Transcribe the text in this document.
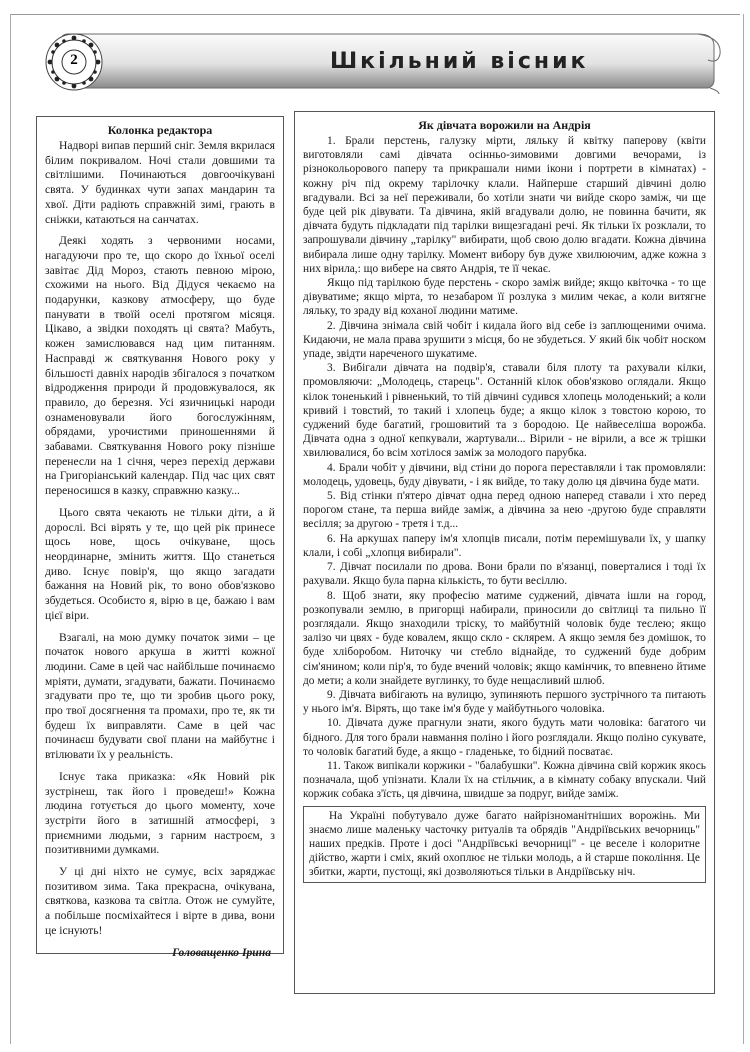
2	Шкільний вісник
Колонка редактора

Надворі випав перший сніг. Земля вкрилася білим покривалом. Ночі стали довшими та світлішими. Починаються довгоочікувані свята. У будинках чути запах мандарин та хвої. Діти радіють справжній зимі, грають в сніжки, катаються на санчатах.

Деякі ходять з червоними носами, нагадуючи про те, що скоро до їхньої оселі завітає Дід Мороз, стають певною мірою, схожими на нього. Від Дідуся чекаємо на подарунки, казкову атмосферу, що буде панувати в твоїй оселі протягом місяця. Цікаво, а звідки походять ці свята? Мабуть, кожен замислювався над цим питанням. Насправді ж святкування Нового року у більшості давніх народів збігалося з початком відродження природи й продовжувалося, як правило, до березня. Усі язичницькі народи ознаменовували його богослужінням, обрядами, урочистими приношеннями й забавами. Святкування Нового року пізніше перенесли на 1 січня, через перехід держави на Григоріанський календар. Під час цих свят переносишся в казку, справжню казку...

Цього свята чекають не тільки діти, а й дорослі. Всі вірять у те, що цей рік принесе щось нове, щось очікуване, щось неординарне, змінить життя. Що станеться диво. Існує повір'я, що якщо загадати бажання на Новий рік, то воно обов'язково збудеться. Особисто я, вірю в це, бажаю і вам цієї віри.

Взагалі, на мою думку початок зими – це початок нового аркуша в житті кожної людини. Саме в цей час найбільше починаємо мріяти, думати, згадувати, бажати. Починаємо згадувати про те, що ти зробив цього року, про твої досягнення та промахи, про те, як ти будеш їх виправляти. Саме в цей час починаєш будувати свої плани на майбутнє і втілювати їх у реальність.

Існує така приказка: «Як Новий рік зустрінеш, так його і проведеш!» Кожна людина готується до цього моменту, хоче зустріти його в затишній атмосфері, з приємними людьми, з гарним настроєм, з позитивними думками.

У ці дні ніхто не сумує, всіх заряджає позитивом зима. Така прекрасна, очікувана, святкова, казкова та світла. Отож не сумуйте, а побільше посміхайтеся і вірте в дива, вони це існують!

Головащенко Ірина
Як дівчата ворожили на Андрія

1. Брали перстень, галузку мірти, ляльку й квітку паперову (квіти виготовляли самі дівчата осінньо-зимовими довгими вечорами, із різнокольорового паперу та прикрашали ними ікони і портрети в кімнатах) - кожну річ під окрему тарілочку клали. Найперше старший дівчині долю вгадували. Всі за неї переживали, бо хотіли знати чи вийде скоро заміж, чи ще буде цей рік дівувати. Та дівчина, якій вгадували долю, не повинна бачити, як дівчата будуть підкладати під тарілки вищезгадані речі. Як тільки їх розклали, то запрошували дівчину „тарілку" вибирати, щоб свою долю вгадати. Кожна дівчина вибирала лише одну тарілку. Момент вибору був дуже хвилюючим, адже кожна з них вірила,: що вибере на свято Андрія, те її чекає.

Якщо під тарілкою буде перстень - скоро заміж вийде; якщо квіточка - то ще дівуватиме; якщо мірта, то незабаром її розлука з милим чекає, а коли витягне ляльку, то зраду від коханої людини матиме.

2. Дівчина знімала свій чобіт і кидала його від себе із заплющеними очима. Кидаючи, не мала права зрушити з місця, бо не збудеться. У який бік чобіт носком упаде, звідти нареченого шукатиме.

3. Вибігали дівчата на подвір'я, ставали біля плоту та рахували кілки, промовляючи: „Молодець, старець". Останній кілок обов'язково оглядали. Якщо кілок тоненький і рівненький, то тій дівчині судився хлопець молоденький; а коли кривий і товстий, то такий і хлопець буде; а якщо кілок з товстою корою, то суджений буде багатий, грошовитий та з бородою. Це найвеселіша ворожба. Дівчата одна з одної кепкували, жартували... Вірили - не вірили, а все ж трішки хвилювалися, бо всім хотілося заміж за молодого парубка.

4. Брали чобіт у дівчини, від стіни до порога переставляли і так промовляли: молодець, удовець, буду дівувати, - і як вийде, то таку долю ця дівчина буде мати.

5. Від стінки п'ятеро дівчат одна перед одною наперед ставали і хто перед порогом стане, та перша вийде заміж, а дівчина за нею -другою буде справляти весілля; за другою - третя і т.д...

6. На аркушах паперу ім'я хлопців писали, потім перемішували їх, у шапку клали, і собі „хлопця вибирали".

7. Дівчат посилали по дрова. Вони брали по в'язанці, поверталися і тоді їх рахували. Якщо була парна кількість, то бути весіллю.

8. Щоб знати, яку професію матиме суджений, дівчата ішли на город, розкопували землю, в пригорщі набирали, приносили до світлиці та пильно її розглядали. Якщо знаходили тріску, то майбутній чоловік буде теслею; якщо залізо чи цвях - буде ковалем, якщо скло - склярем. А якщо земля без домішок, то буде хліборобом. Ниточку чи стебло віднайде, то суджений буде добрим сім'янином; коли пір'я, то буде вчений чоловік; якщо камінчик, то впевнено йтиме до мети; а коли знайдете вуглинку, то буде нещасливий шлюб.

9. Дівчата вибігають на вулицю, зупиняють першого зустрічного та питають у нього ім'я. Вірять, що таке ім'я буде у майбутнього чоловіка.

10. Дівчата дуже прагнули знати, якого будуть мати чоловіка: багатого чи бідного. Для того брали навмання поліно і його розглядали. Якщо поліно сукувате, то чоловік багатий буде, а якщо - гладеньке, то бідний посватає.

11. Також випікали коржики - "балабушки". Кожна дівчина свій коржик якось позначала, щоб упізнати. Клали їх на стільчик, а в кімнату собаку впускали. Чий коржик собака з'їсть, ця дівчина, швидше за подруг, вийде заміж.

На Україні побутувало дуже багато найрізноманітніших ворожінь. Ми знаємо лише маленьку часточку ритуалів та обрядів "Андріївських вечорниць" наших предків. Проте і досі "Андріївські вечорниці" - це веселе і колоритне дійство, жарти і сміх, який охоплює не тільки молодь, а й старше покоління. Це збитки, жарти, пустощі, які дозволяються тільки в Андріївську ніч.
